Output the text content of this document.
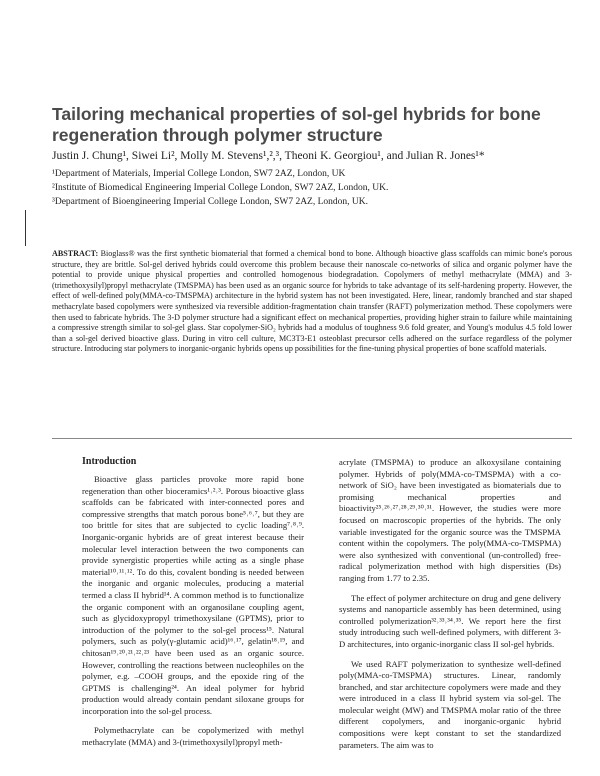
Tailoring mechanical properties of sol-gel hybrids for bone regeneration through polymer structure
Justin J. Chung¹, Siwei Li², Molly M. Stevens¹,²,³, Theoni K. Georgiou¹, and Julian R. Jones¹*
¹Department of Materials, Imperial College London, SW7 2AZ, London, UK
²Institute of Biomedical Engineering Imperial College London, SW7 2AZ, London, UK.
³Department of Bioengineering Imperial College London, SW7 2AZ, London, UK.

ABSTRACT: Bioglass® was the first synthetic biomaterial that formed a chemical bond to bone. Although bioactive glass scaffolds can mimic bone's porous structure, they are brittle. Sol-gel derived hybrids could overcome this problem because their nanoscale co-networks of silica and organic polymer have the potential to provide unique physical properties and controlled homogenous biodegradation. Copolymers of methyl methacrylate (MMA) and 3-(trimethoxysilyl)propyl methacrylate (TMSPMA) has been used as an organic source for hybrids to take advantage of its self-hardening property. However, the effect of well-defined poly(MMA-co-TMSPMA) architecture in the hybrid system has not been investigated. Here, linear, randomly branched and star shaped methacrylate based copolymers were synthesized via reversible addition-fragmentation chain transfer (RAFT) polymerization method. These copolymers were then used to fabricate hybrids. The 3-D polymer structure had a significant effect on mechanical properties, providing higher strain to failure while maintaining a compressive strength similar to sol-gel glass. Star copolymer-SiO₂ hybrids had a modulus of toughness 9.6 fold greater, and Young's modulus 4.5 fold lower than a sol-gel derived bioactive glass. During in vitro cell culture, MC3T3-E1 osteoblast precursor cells adhered on the surface regardless of the polymer structure. Introducing star polymers to inorganic-organic hybrids opens up possibilities for the fine-tuning physical properties of bone scaffold materials.

Introduction

Bioactive glass particles provoke more rapid bone regeneration than other bioceramics¹˒²˒³. Porous bioactive glass scaffolds can be fabricated with inter-connected pores and compressive strengths that match porous bone⁵˒⁶˒⁷, but they are too brittle for sites that are subjected to cyclic loading⁷˒⁸˒⁹. Inorganic-organic hybrids are of great interest because their molecular level interaction between the two components can provide synergistic properties while acting as a single phase material¹⁰˒¹¹˒¹². To do this, covalent bonding is needed between the inorganic and organic molecules, producing a material termed a class II hybrid¹⁴. A common method is to functionalize the organic component with an organosilane coupling agent, such as glycidoxypropyl trimethoxysilane (GPTMS), prior to introduction of the polymer to the sol-gel process¹⁵. Natural polymers, such as poly(γ-glutamic acid)¹⁶˒¹⁷, gelatin¹⁸˒¹⁹, and chitosan¹⁹˒²⁰˒²¹˒²²˒²³ have been used as an organic source. However, controlling the reactions between nucleophiles on the polymer, e.g. –COOH groups, and the epoxide ring of the GPTMS is challenging²⁴. An ideal polymer for hybrid production would already contain pendant siloxane groups for incorporation into the sol-gel process.

Polymethacrylate can be copolymerized with methyl methacrylate (MMA) and 3-(trimethoxysilyl)propyl meth-

acrylate (TMSPMA) to produce an alkoxysilane containing polymer. Hybrids of poly(MMA-co-TMSPMA) with a co-network of SiO₂ have been investigated as biomaterials due to promising mechanical properties and bioactivity²⁵˒²⁶˒²⁷˒²⁸˒²⁹˒³⁰˒³¹. However, the studies were more focused on macroscopic properties of the hybrids. The only variable investigated for the organic source was the TMSPMA content within the copolymers. The poly(MMA-co-TMSPMA) were also synthesized with conventional (un-controlled) free-radical polymerization method with high dispersities (Đs) ranging from 1.77 to 2.35.

The effect of polymer architecture on drug and gene delivery systems and nanoparticle assembly has been determined, using controlled polymerization³²˒³³˒³⁴˒³⁵. We report here the first study introducing such well-defined polymers, with different 3-D architectures, into organic-inorganic class II sol-gel hybrids.

We used RAFT polymerization to synthesize well-defined poly(MMA-co-TMSPMA) structures. Linear, randomly branched, and star architecture copolymers were made and they were introduced in a class II hybrid system via sol-gel. The molecular weight (MW) and TMSPMA molar ratio of the three different copolymers, and inorganic-organic hybrid compositions were kept constant to set the standardized parameters. The aim was to
